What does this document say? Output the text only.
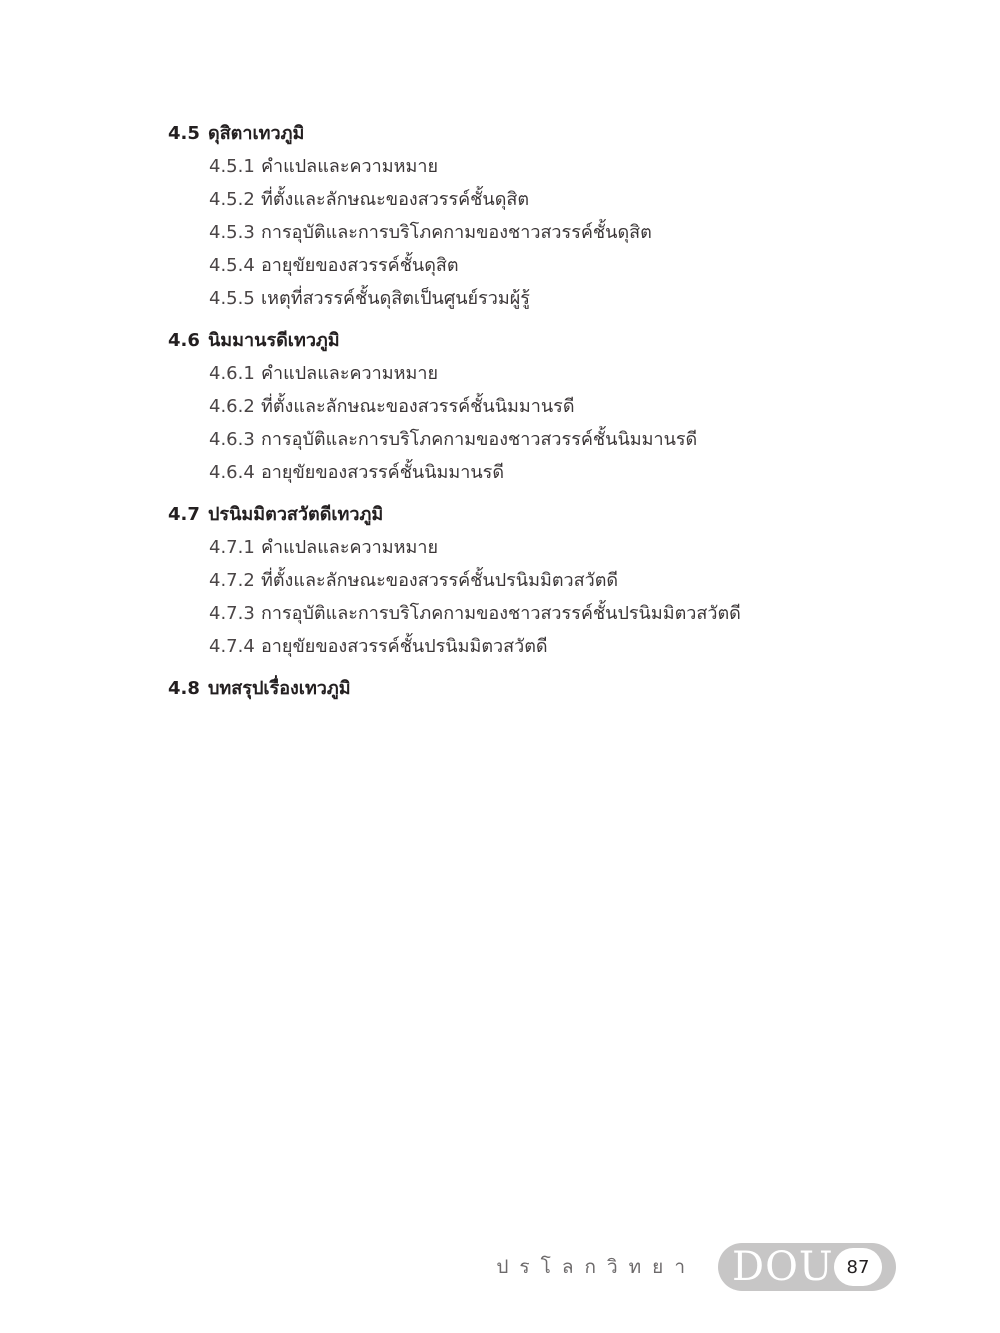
4.5 ดุสิตาเทวภูมิ
4.5.1 คำแปลและความหมาย
4.5.2 ที่ตั้งและลักษณะของสวรรค์ชั้นดุสิต
4.5.3 การอุบัติและการบริโภคกามของชาวสวรรค์ชั้นดุสิต
4.5.4 อายุขัยของสวรรค์ชั้นดุสิต
4.5.5 เหตุที่สวรรค์ชั้นดุสิตเป็นศูนย์รวมผู้รู้
4.6 นิมมานรดีเทวภูมิ
4.6.1 คำแปลและความหมาย
4.6.2 ที่ตั้งและลักษณะของสวรรค์ชั้นนิมมานรดี
4.6.3 การอุบัติและการบริโภคกามของชาวสวรรค์ชั้นนิมมานรดี
4.6.4 อายุขัยของสวรรค์ชั้นนิมมานรดี
4.7 ปรนิมมิตวสวัตดีเทวภูมิ
4.7.1 คำแปลและความหมาย
4.7.2 ที่ตั้งและลักษณะของสวรรค์ชั้นปรนิมมิตวสวัตดี
4.7.3 การอุบัติและการบริโภคกามของชาวสวรรค์ชั้นปรนิมมิตวสวัตดี
4.7.4 อายุขัยของสวรรค์ชั้นปรนิมมิตวสวัตดี
4.8 บทสรุปเรื่องเทวภูมิ
ปรโลกวิทยา DOU 87
